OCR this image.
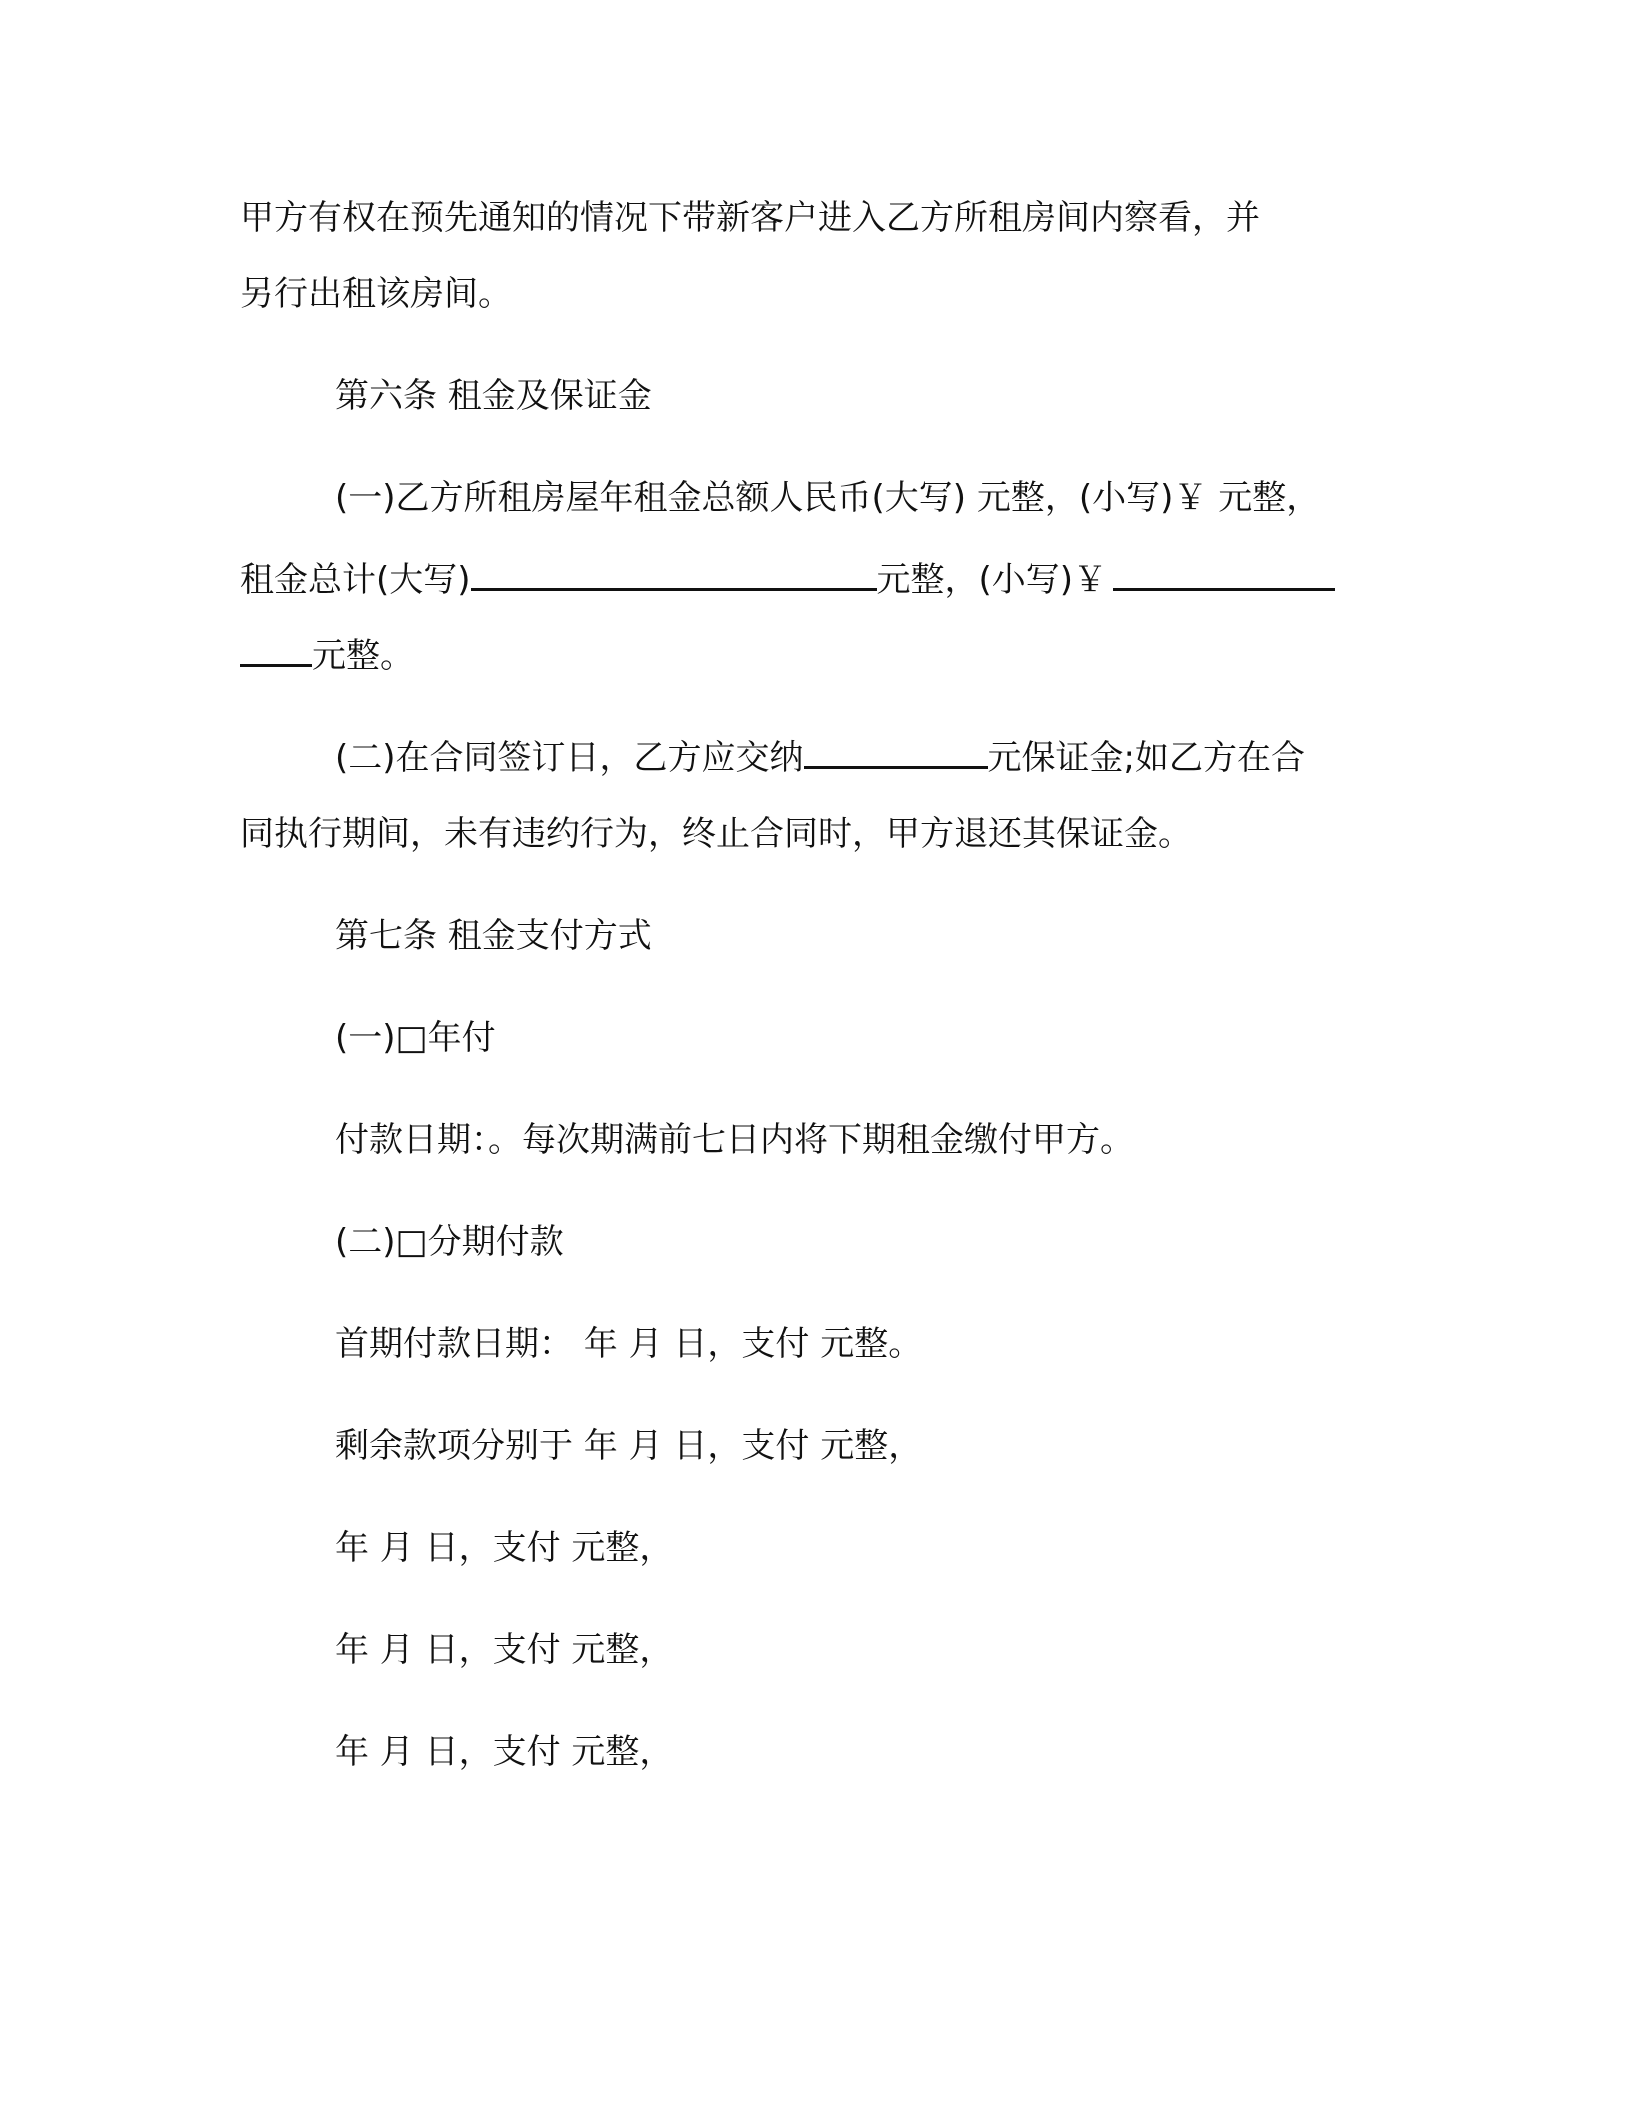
甲方有权在预先通知的情况下带新客户进入乙方所租房间内察看，并
另行出租该房间。
第六条 租金及保证金
(一)乙方所租房屋年租金总额人民币(大写) 元整，(小写)￥ 元整，
租金总计(大写)	元整，(小写)￥
元整。
(二)在合同签订日，乙方应交纳	元保证金;如乙方在合
同执行期间，未有违约行为，终止合同时，甲方退还其保证金。
第七条 租金支付方式
(一)□年付
付款日期：。每次期满前七日内将下期租金缴付甲方。
(二)□分期付款
首期付款日期： 年 月 日，支付 元整。
剩余款项分别于 年 月 日，支付 元整，
年 月 日，支付 元整，
年 月 日，支付 元整，
年 月 日，支付 元整，
